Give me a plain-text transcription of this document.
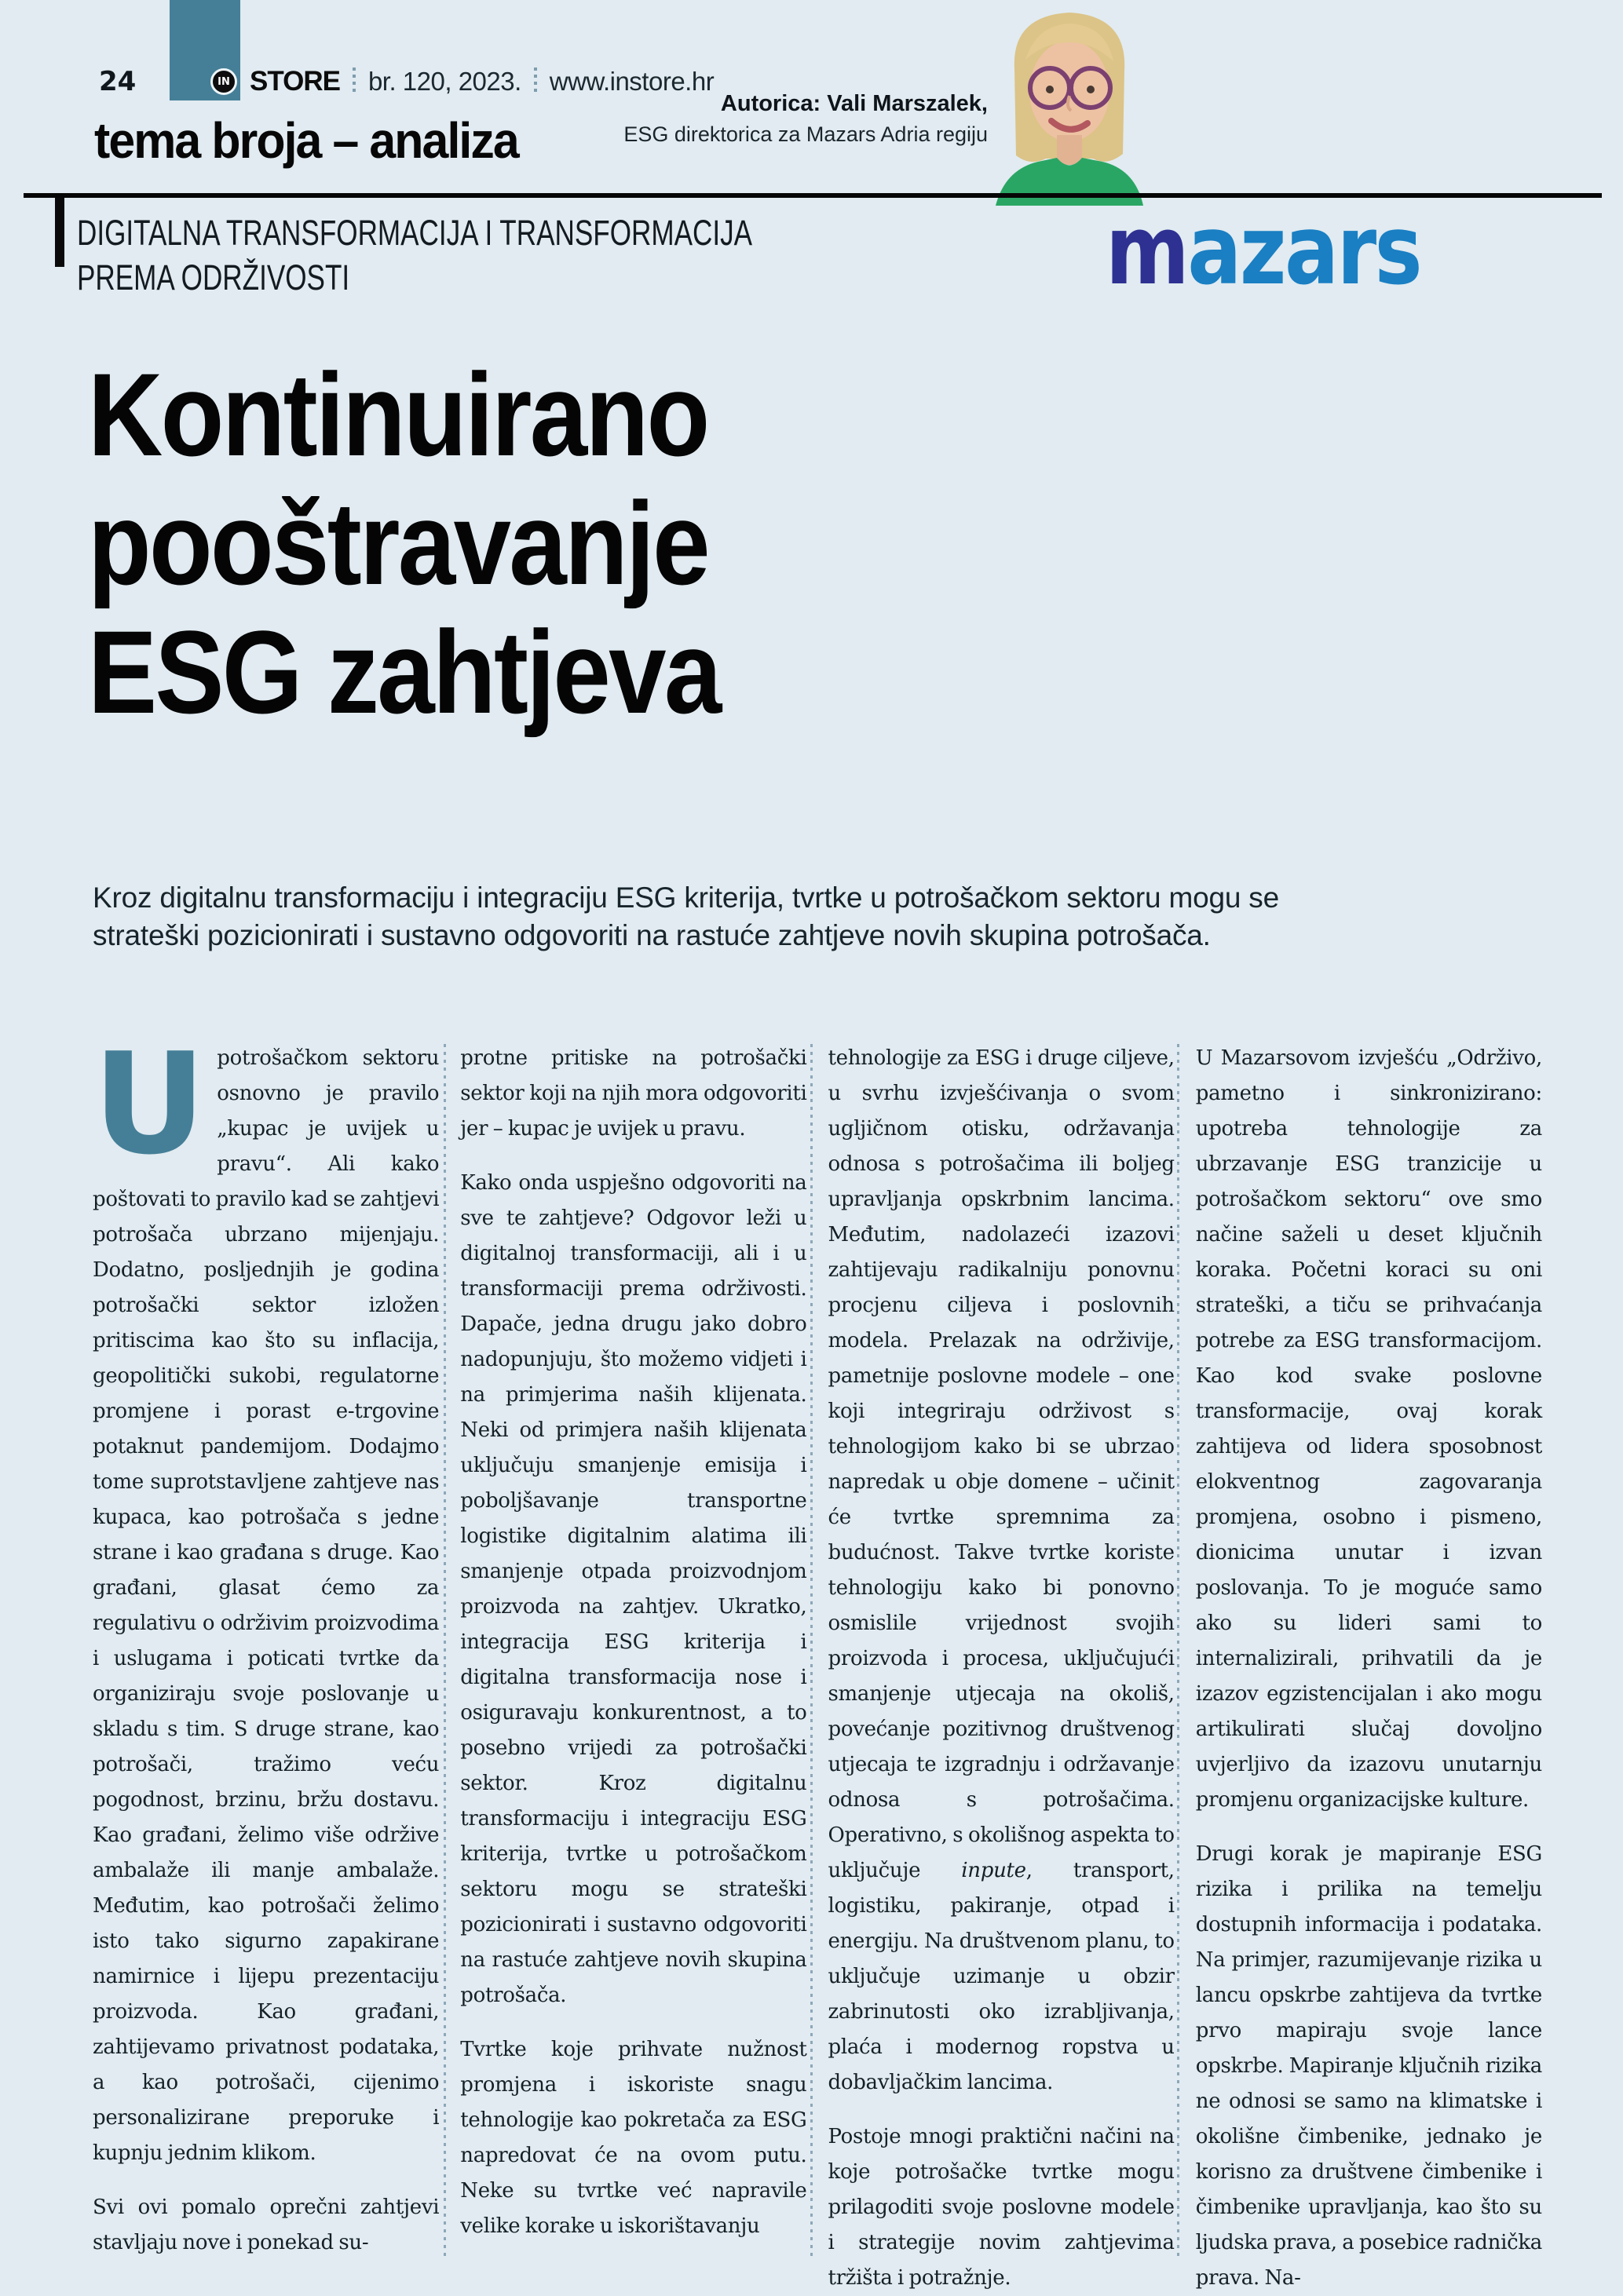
24	IN STORE br. 120, 2023. www.instore.hr
tema broja – analiza
Autorica: Vali Marszalek,
ESG direktorica za Mazars Adria regiju
DIGITALNA TRANSFORMACIJA I TRANSFORMACIJA
PREMA ODRŽIVOSTI	mazars
Kontinuirano
pooštravanje
ESG zahtjeva
Kroz digitalnu transformaciju i integraciju ESG kriterija, tvrtke u potrošačkom sektoru mogu se
strateški pozicionirati i sustavno odgovoriti na rastuće zahtjeve novih skupina potrošača.

Upotrošačkom sektoru osnovno je pravilo „kupac je uvijek u pravu“. Ali kako poštovati to pravilo kad se zahtjevi potrošača ubrzano mijenjaju. Dodatno, posljednjih je godina potrošački sektor izložen pritiscima kao što su inflacija, geopolitički sukobi, regulatorne promjene i porast e-trgovine potaknut pandemijom. Dodajmo tome suprotstavljene zahtjeve nas kupaca, kao potrošača s jedne strane i kao građana s druge. Kao građani, glasat ćemo za regulativu o održivim proizvodima i uslugama i poticati tvrtke da organiziraju svoje poslovanje u skladu s tim. S druge strane, kao potrošači, tražimo veću pogodnost, brzinu, bržu dostavu. Kao građani, želimo više održive ambalaže ili manje ambalaže. Međutim, kao potrošači želimo isto tako sigurno zapakirane namirnice i lijepu prezentaciju proizvoda. Kao građani, zahtijevamo privatnost podataka, a kao potrošači, cijenimo personalizirane preporuke i kupnju jednim klikom.

Svi ovi pomalo oprečni zahtjevi stavljaju nove i ponekad su-

protne pritiske na potrošački sektor koji na njih mora odgovoriti jer – kupac je uvijek u pravu.

Kako onda uspješno odgovoriti na sve te zahtjeve? Odgovor leži u digitalnoj transformaciji, ali i u transformaciji prema održivosti. Dapače, jedna drugu jako dobro nadopunjuju, što možemo vidjeti i na primjerima naših klijenata. Neki od primjera naših klijenata uključuju smanjenje emisija i poboljšavanje transportne logistike digitalnim alatima ili smanjenje otpada proizvodnjom proizvoda na zahtjev. Ukratko, integracija ESG kriterija i digitalna transformacija nose i osiguravaju konkurentnost, a to posebno vrijedi za potrošački sektor. Kroz digitalnu transformaciju i integraciju ESG kriterija, tvrtke u potrošačkom sektoru mogu se strateški pozicionirati i sustavno odgovoriti na rastuće zahtjeve novih skupina potrošača.

Tvrtke koje prihvate nužnost promjena i iskoriste snagu tehnologije kao pokretača za ESG napredovat će na ovom putu. Neke su tvrtke već napravile velike korake u iskorištavanju

tehnologije za ESG i druge ciljeve, u svrhu izvješćivanja o svom ugljičnom otisku, održavanja odnosa s potrošačima ili boljeg upravljanja opskrbnim lancima. Međutim, nadolazeći izazovi zahtijevaju radikalniju ponovnu procjenu ciljeva i poslovnih modela. Prelazak na održivije, pametnije poslovne modele – one koji integriraju održivost s tehnologijom kako bi se ubrzao napredak u obje domene – učinit će tvrtke spremnima za budućnost. Takve tvrtke koriste tehnologiju kako bi ponovno osmislile vrijednost svojih proizvoda i procesa, uključujući smanjenje utjecaja na okoliš, povećanje pozitivnog društvenog utjecaja te izgradnju i održavanje odnosa s potrošačima. Operativno, s okolišnog aspekta to uključuje inpute, transport, logistiku, pakiranje, otpad i energiju. Na društvenom planu, to uključuje uzimanje u obzir zabrinutosti oko izrabljivanja, plaća i modernog ropstva u dobavljačkim lancima.

Postoje mnogi praktični načini na koje potrošačke tvrtke mogu prilagoditi svoje poslovne modele i strategije novim zahtjevima tržišta i potražnje.

U Mazarsovom izvješću „Održivo, pametno i sinkronizirano: upotreba tehnologije za ubrzavanje ESG tranzicije u potrošačkom sektoru“ ove smo načine saželi u deset ključnih koraka. Početni koraci su oni strateški, a tiču se prihvaćanja potrebe za ESG transformacijom. Kao kod svake poslovne transformacije, ovaj korak zahtijeva od lidera sposobnost elokventnog zagovaranja promjena, osobno i pismeno, dionicima unutar i izvan poslovanja. To je moguće samo ako su lideri sami to internalizirali, prihvatili da je izazov egzistencijalan i ako mogu artikulirati slučaj dovoljno uvjerljivo da izazovu unutarnju promjenu organizacijske kulture.

Drugi korak je mapiranje ESG rizika i prilika na temelju dostupnih informacija i podataka. Na primjer, razumijevanje rizika u lancu opskrbe zahtijeva da tvrtke prvo mapiraju svoje lance opskrbe. Mapiranje ključnih rizika ne odnosi se samo na klimatske i okolišne čimbenike, jednako je korisno za društvene čimbenike i čimbenike upravljanja, kao što su ljudska prava, a posebice radnička prava. Na-
